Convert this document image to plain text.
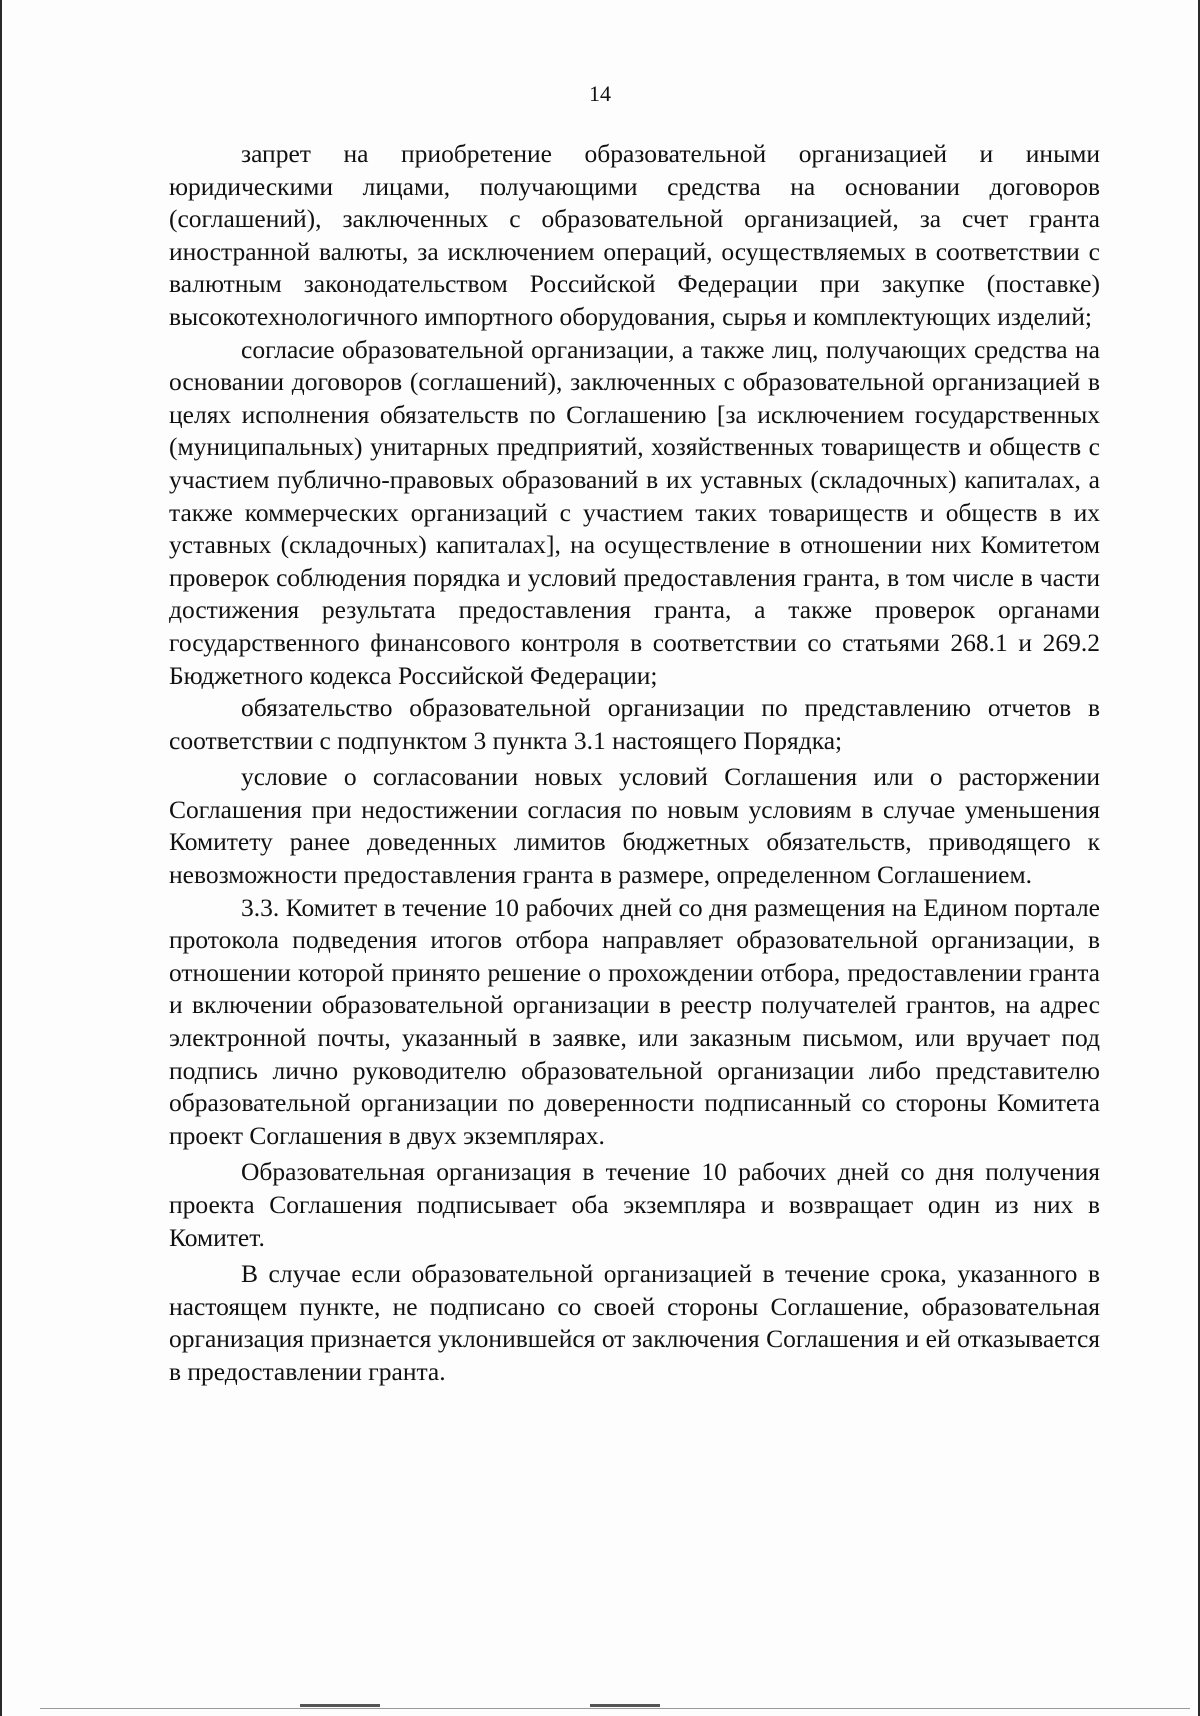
14

запрет на приобретение образовательной организацией и иными юридическими лицами, получающими средства на основании договоров (соглашений), заключенных с образовательной организацией, за счет гранта иностранной валюты, за исключением операций, осуществляемых в соответствии с валютным законодательством Российской Федерации при закупке (поставке) высокотехнологичного импортного оборудования, сырья и комплектующих изделий;

согласие образовательной организации, а также лиц, получающих средства на основании договоров (соглашений), заключенных с образовательной организацией в целях исполнения обязательств по Соглашению [за исключением государственных (муниципальных) унитарных предприятий, хозяйственных товариществ и обществ с участием публично-правовых образований в их уставных (складочных) капиталах, а также коммерческих организаций с участием таких товариществ и обществ в их уставных (складочных) капиталах], на осуществление в отношении них Комитетом проверок соблюдения порядка и условий предоставления гранта, в том числе в части достижения результата предоставления гранта, а также проверок органами государственного финансового контроля в соответствии со статьями 268.1 и 269.2 Бюджетного кодекса Российской Федерации;

обязательство образовательной организации по представлению отчетов в соответствии с подпунктом 3 пункта 3.1 настоящего Порядка;

условие о согласовании новых условий Соглашения или о расторжении Соглашения при недостижении согласия по новым условиям в случае уменьшения Комитету ранее доведенных лимитов бюджетных обязательств, приводящего к невозможности предоставления гранта в размере, определенном Соглашением.

3.3. Комитет в течение 10 рабочих дней со дня размещения на Едином портале протокола подведения итогов отбора направляет образовательной организации, в отношении которой принято решение о прохождении отбора, предоставлении гранта и включении образовательной организации в реестр получателей грантов, на адрес электронной почты, указанный в заявке, или заказным письмом, или вручает под подпись лично руководителю образовательной организации либо представителю образовательной организации по доверенности подписанный со стороны Комитета проект Соглашения в двух экземплярах.

Образовательная организация в течение 10 рабочих дней со дня получения проекта Соглашения подписывает оба экземпляра и возвращает один из них в Комитет.

В случае если образовательной организацией в течение срока, указанного в настоящем пункте, не подписано со своей стороны Соглашение, образовательная организация признается уклонившейся от заключения Соглашения и ей отказывается в предоставлении гранта.
